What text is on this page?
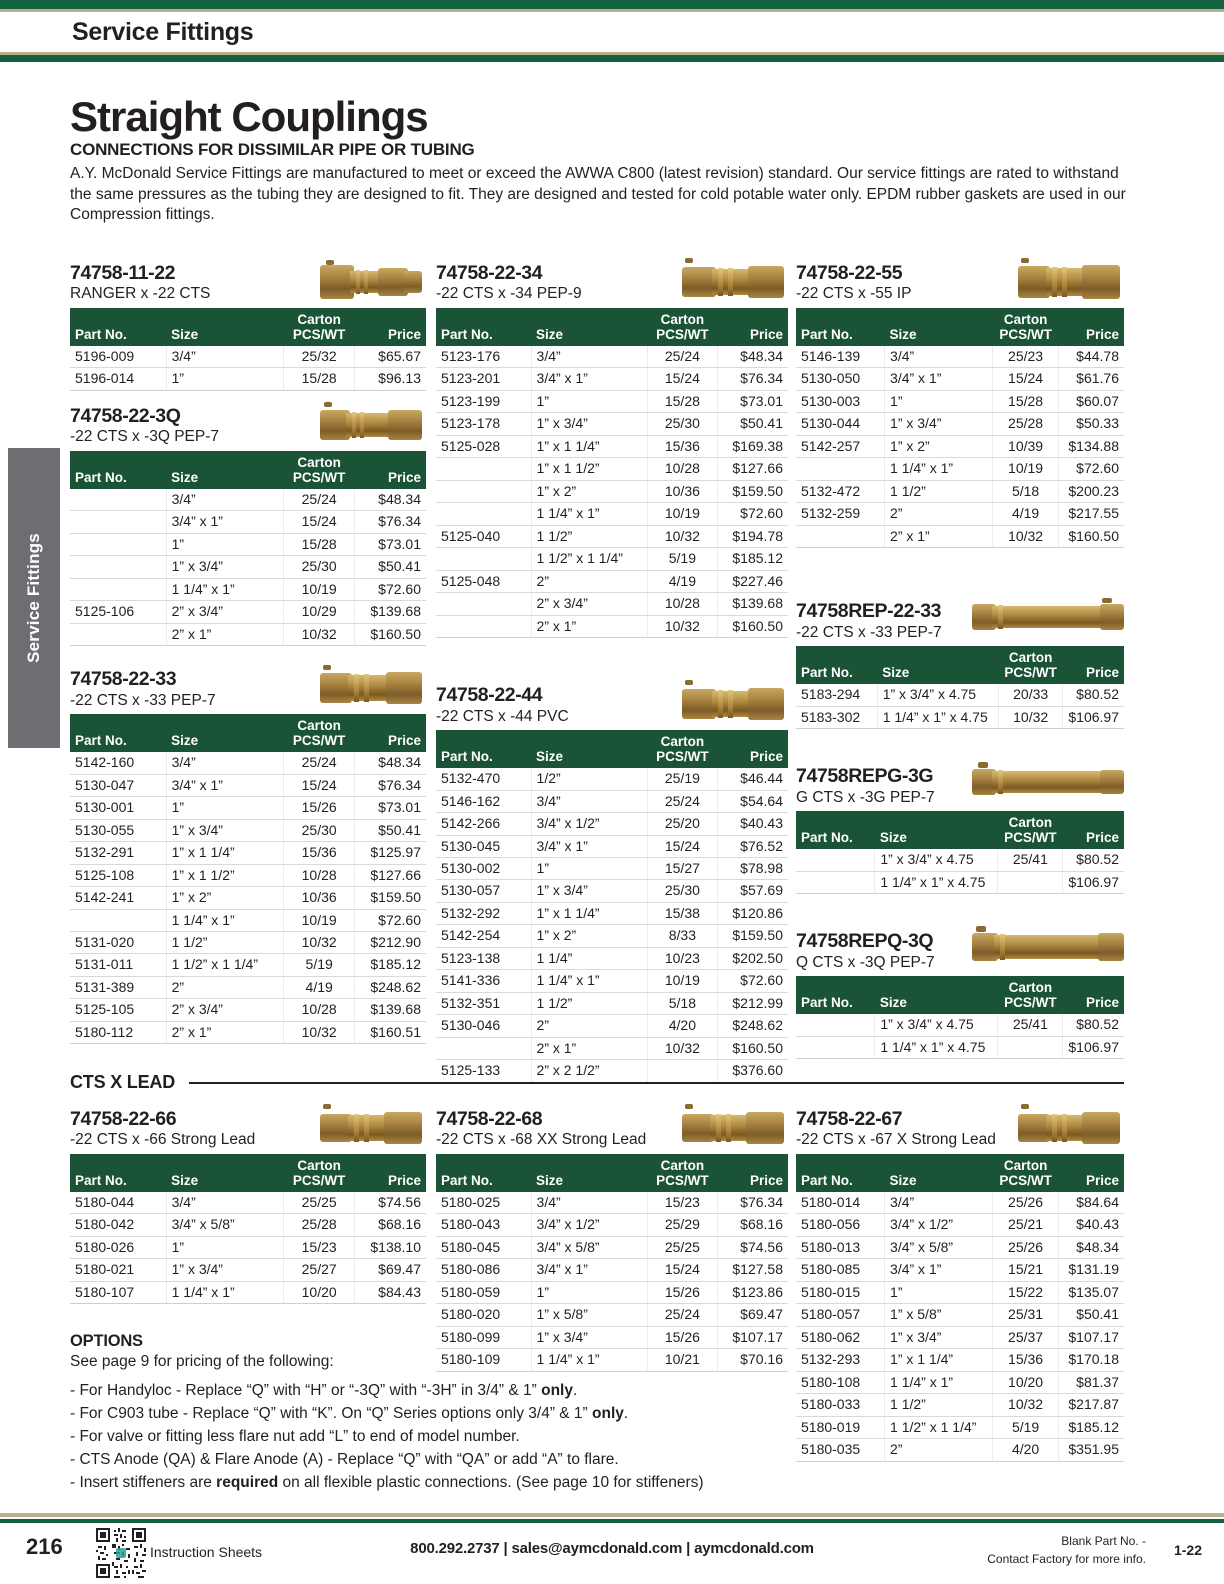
Service Fittings
Service Fittings
Straight Couplings
CONNECTIONS FOR DISSIMILAR PIPE OR TUBING

A.Y. McDonald Service Fittings are manufactured to meet or exceed the AWWA C800 (latest revision) standard. Our service fittings are rated to withstand the same pressures as the tubing they are designed to fit. They are designed and tested for cold potable water only. EPDM rubber gaskets are used in our Compression fittings.

74758-11-22
RANGER x -22 CTS
Part No.	Size	Carton
PCS/WT	Price
5196-009	3/4”	25/32	$65.67
5196-014	1”	15/28	$96.13
74758-22-3Q
-22 CTS x -3Q PEP-7
Part No.	Size	Carton
PCS/WT	Price
	3/4”	25/24	$48.34
	3/4” x 1”	15/24	$76.34
	1”	15/28	$73.01
	1” x 3/4”	25/30	$50.41
	1 1/4” x 1”	10/19	$72.60
5125-106	2” x 3/4”	10/29	$139.68
	2” x 1”	10/32	$160.50
74758-22-33
-22 CTS x -33 PEP-7
Part No.	Size	Carton
PCS/WT	Price
5142-160	3/4”	25/24	$48.34
5130-047	3/4” x 1”	15/24	$76.34
5130-001	1”	15/26	$73.01
5130-055	1” x 3/4”	25/30	$50.41
5132-291	1” x 1 1/4”	15/36	$125.97
5125-108	1” x 1 1/2”	10/28	$127.66
5142-241	1” x 2”	10/36	$159.50
	1 1/4” x 1”	10/19	$72.60
5131-020	1 1/2”	10/32	$212.90
5131-011	1 1/2” x 1 1/4”	5/19	$185.12
5131-389	2”	4/19	$248.62
5125-105	2” x 3/4”	10/28	$139.68
5180-112	2” x 1”	10/32	$160.51
74758-22-34
-22 CTS x -34 PEP-9
Part No.	Size	Carton
PCS/WT	Price
5123-176	3/4”	25/24	$48.34
5123-201	3/4” x 1”	15/24	$76.34
5123-199	1”	15/28	$73.01
5123-178	1” x 3/4”	25/30	$50.41
5125-028	1” x 1 1/4”	15/36	$169.38
	1” x 1 1/2”	10/28	$127.66
	1” x 2”	10/36	$159.50
	1 1/4” x 1”	10/19	$72.60
5125-040	1 1/2”	10/32	$194.78
	1 1/2” x 1 1/4”	5/19	$185.12
5125-048	2”	4/19	$227.46
	2” x 3/4”	10/28	$139.68
	2” x 1”	10/32	$160.50
74758-22-44
-22 CTS x -44 PVC
Part No.	Size	Carton
PCS/WT	Price
5132-470	1/2”	25/19	$46.44
5146-162	3/4”	25/24	$54.64
5142-266	3/4” x 1/2”	25/20	$40.43
5130-045	3/4” x 1”	15/24	$76.52
5130-002	1”	15/27	$78.98
5130-057	1” x 3/4”	25/30	$57.69
5132-292	1” x 1 1/4”	15/38	$120.86
5142-254	1” x 2”	8/33	$159.50
5123-138	1 1/4”	10/23	$202.50
5141-336	1 1/4” x 1”	10/19	$72.60
5132-351	1 1/2”	5/18	$212.99
5130-046	2”	4/20	$248.62
	2” x 1”	10/32	$160.50
5125-133	2” x 2 1/2”		$376.60
74758-22-55
-22 CTS x -55 IP
Part No.	Size	Carton
PCS/WT	Price
5146-139	3/4”	25/23	$44.78
5130-050	3/4” x 1”	15/24	$61.76
5130-003	1”	15/28	$60.07
5130-044	1” x 3/4”	25/28	$50.33
5142-257	1” x 2”	10/39	$134.88
	1 1/4” x 1”	10/19	$72.60
5132-472	1 1/2”	5/18	$200.23
5132-259	2”	4/19	$217.55
	2” x 1”	10/32	$160.50
74758REP-22-33
-22 CTS x -33 PEP-7
Part No.	Size	Carton
PCS/WT	Price
5183-294	1” x 3/4” x 4.75	20/33	$80.52
5183-302	1 1/4” x 1” x 4.75	10/32	$106.97
74758REPG-3G
G CTS x -3G PEP-7
Part No.	Size	Carton
PCS/WT	Price
	1” x 3/4” x 4.75	25/41	$80.52
	1 1/4” x 1” x 4.75		$106.97
74758REPQ-3Q
Q CTS x -3Q PEP-7
Part No.	Size	Carton
PCS/WT	Price
	1” x 3/4” x 4.75	25/41	$80.52
	1 1/4” x 1” x 4.75		$106.97
CTS X LEAD
74758-22-66
-22 CTS x -66 Strong Lead
Part No.	Size	Carton
PCS/WT	Price
5180-044	3/4”	25/25	$74.56
5180-042	3/4” x 5/8”	25/28	$68.16
5180-026	1”	15/23	$138.10
5180-021	1” x 3/4”	25/27	$69.47
5180-107	1 1/4” x 1”	10/20	$84.43
74758-22-68
-22 CTS x -68 XX Strong Lead
Part No.	Size	Carton
PCS/WT	Price
5180-025	3/4”	15/23	$76.34
5180-043	3/4” x 1/2”	25/29	$68.16
5180-045	3/4” x 5/8”	25/25	$74.56
5180-086	3/4” x 1”	15/24	$127.58
5180-059	1”	15/26	$123.86
5180-020	1” x 5/8”	25/24	$69.47
5180-099	1” x 3/4”	15/26	$107.17
5180-109	1 1/4” x 1”	10/21	$70.16
74758-22-67
-22 CTS x -67 X Strong Lead
Part No.	Size	Carton
PCS/WT	Price
5180-014	3/4”	25/26	$84.64
5180-056	3/4” x 1/2”	25/21	$40.43
5180-013	3/4” x 5/8”	25/26	$48.34
5180-085	3/4” x 1”	15/21	$131.19
5180-015	1”	15/22	$135.07
5180-057	1” x 5/8”	25/31	$50.41
5180-062	1” x 3/4”	25/37	$107.17
5132-293	1” x 1 1/4”	15/36	$170.18
5180-108	1 1/4” x 1”	10/20	$81.37
5180-033	1 1/2”	10/32	$217.87
5180-019	1 1/2” x 1 1/4”	5/19	$185.12
5180-035	2”	4/20	$351.95
OPTIONS
See page 9 for pricing of the following:
- For Handyloc - Replace “Q” with “H” or “-3Q” with “-3H” in 3/4” & 1” only.
- For C903 tube - Replace “Q” with “K”. On “Q” Series options only 3/4” & 1” only.
- For valve or fitting less flare nut add “L” to end of model number.
- CTS Anode (QA) & Flare Anode (A) - Replace “Q” with “QA” or add “A” to flare.
- Insert stiffeners are required on all flexible plastic connections. (See page 10 for stiffeners)
216	Instruction Sheets	800.292.2737 | sales@aymcdonald.com | aymcdonald.com	Blank Part No. -
Contact Factory for more info.
1-22
